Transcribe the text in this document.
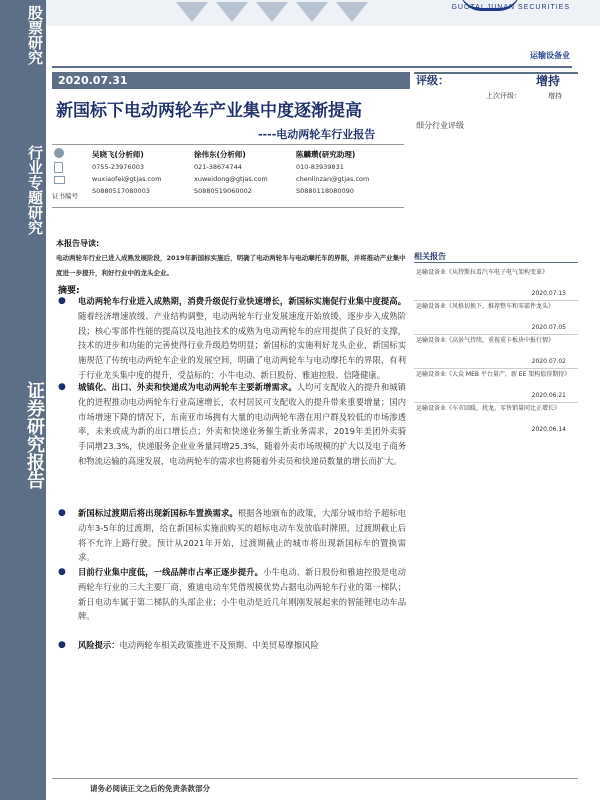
股票研究
行业专题研究
证券研究报告
GUOTAI JUNAN SECURITIES
运输设备业
2020.07.31
新国标下电动两轮车产业集中度逐渐提高
----电动两轮车行业报告
评级：	增持
上次评级：	增持
细分行业评级
证书编号
吴晓飞(分析师)
0755-23976003
wuxiaofei@gtjas.com
S0880517080003
徐伟东(分析师)
021-38674744
xuweidong@gtjas.com
S0880519060002
陈麟瓒(研究助理)
010-83939831
chenlinzan@gtjas.com
S0880118080090
本报告导读:
电动两轮车行业已进入成熟发展阶段，2019年新国标实施后，明确了电动两轮车与电动摩托车的界限，并将推动产业集中度进一步提升，利好行业中的龙头企业。
摘要:
●	电动两轮车行业进入成熟期，消费升级促行业快速增长，新国标实施促行业集中度提高。随着经济增速放缓、产业结构调整，电动两轮车行业发展速度开始放缓，逐步步入成熟阶段；核心零部件性能的提高以及电池技术的成熟为电动两轮车的应用提供了良好的支撑，技术的进步和功能的完善使得行业升级趋势明显；新国标的实施利好龙头企业，新国标实施规范了传统电动两轮车企业的发展空间，明确了电动两轮车与电动摩托车的界限，有利于行业龙头集中度的提升，受益标的：小牛电动、新日股份、雅迪控股、信隆健康。
●	城镇化、出口、外卖和快递成为电动两轮车主要新增需求。人均可支配收入的提升和城镇化的进程推动电动两轮车行业高速增长，农村居民可支配收入的提升带来重要增量；国内市场增速下降的情况下，东南亚市场拥有大量的电动两轮车潜在用户群及较低的市场渗透率，未来或成为新的出口增长点；外卖和快递业务催生新业务需求，2019年美团外卖骑手同增23.3%，快递服务企业业务量同增25.3%，随着外卖市场规模的扩大以及电子商务和物流运输的高速发展，电动两轮车的需求也将随着外卖员和快递员数量的增长而扩大。
●	新国标过渡期后将出现新国标车置换需求。根据各地颁布的政策，大部分城市给予超标电动车3-5年的过渡期，给在新国标实施前购买的超标电动车发放临时牌照，过渡期截止后将不允许上路行驶。预计从2021年开始，过渡期截止的城市将出现新国标车的置换需求。
●	目前行业集中度低，一线品牌市占率正逐步提升。小牛电动、新日股份和雅迪控股是电动两轮车行业的三大主要厂商，雅迪电动车凭借规模优势占据电动两轮车行业的第一梯队；新日电动车属于第二梯队的头部企业；小牛电动是近几年刚刚发展起来的智能锂电动车品牌。
●	风险提示：电动两轮车相关政策推进不及预期、中美贸易摩擦风险
相关报告
运输设备业《从特斯拉看汽车电子电气架构变革》
2020.07.13
运输设备业《风格切换下，推荐整车和零部件龙头》
2020.07.05
运输设备业《高景气持续，重视重卡板块中报行情》
2020.07.02
运输设备业《大众 MEB 平台量产，新 EE 架构值得期待》
2020.06.21
运输设备业《车市回暖，扰龙，零售销量同比正增长》
2020.06.14
请务必阅读正文之后的免责条款部分
